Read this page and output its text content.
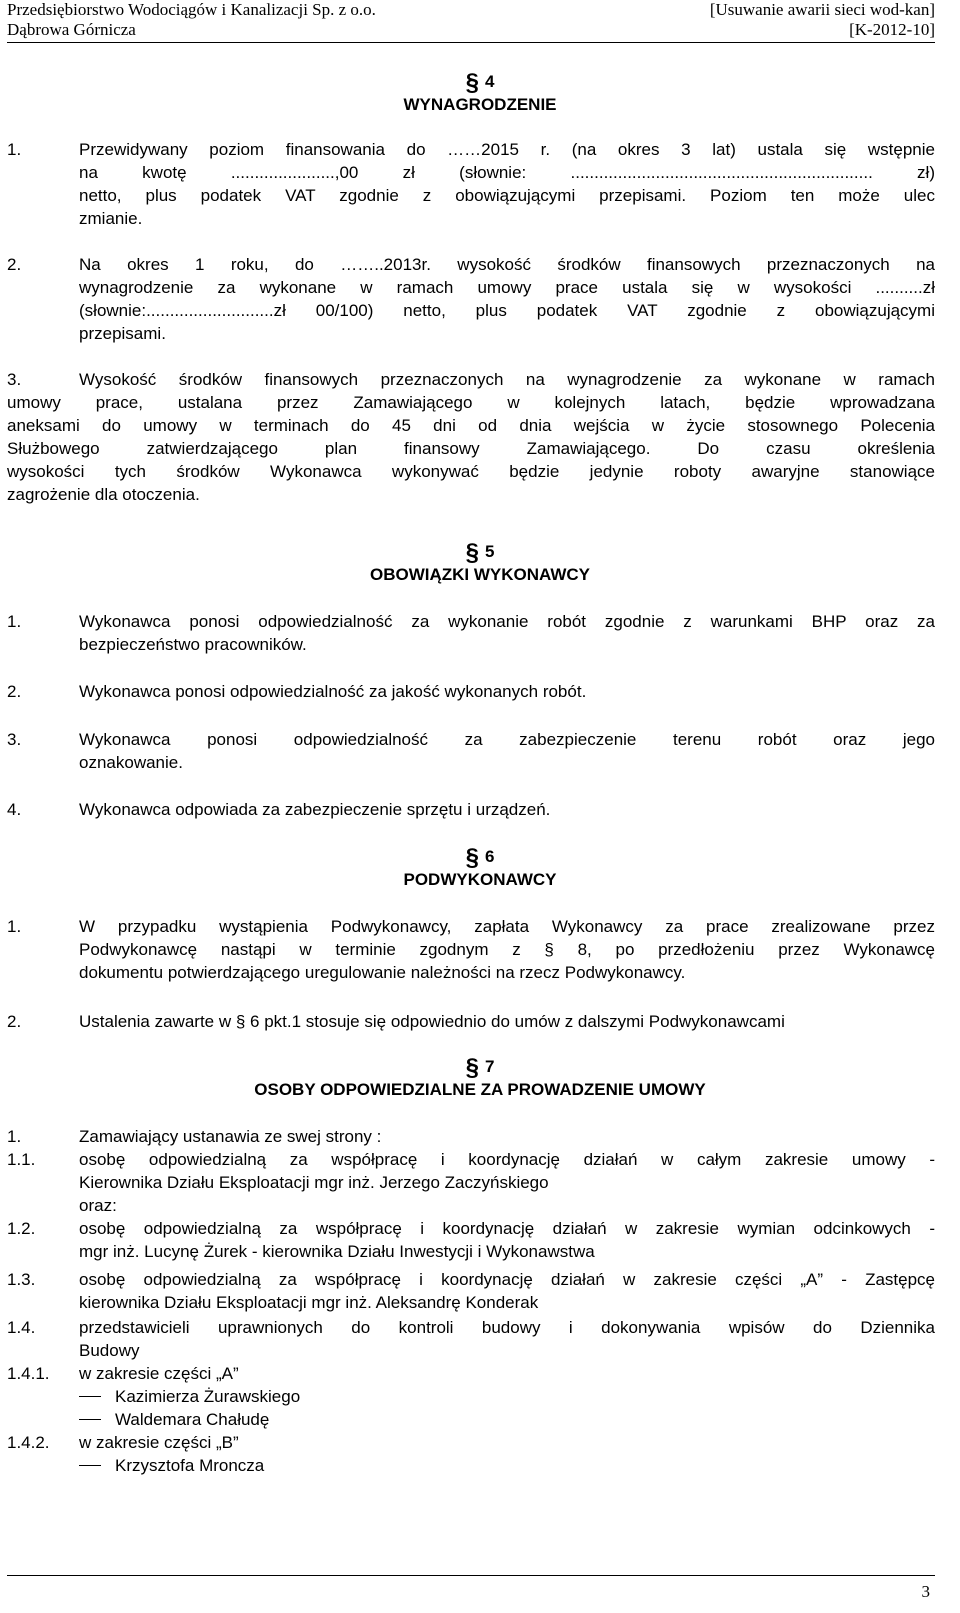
Przedsiębiorstwo Wodociągów i Kanalizacji Sp. z o.o.
Dąbrowa Górnicza
[Usuwanie awarii sieci wod-kan]
[K-2012-10]
§ 4
WYNAGRODZENIE
1.	Przewidywany poziom finansowania do ……2015 r. (na okres 3 lat) ustala się wstępnie
na kwotę ......................,00 zł (słownie: ................................................................ zł)
netto, plus podatek VAT zgodnie z obowiązującymi przepisami. Poziom ten może ulec
zmianie.
2.	Na okres 1 roku, do ……..2013r. wysokość środków finansowych przeznaczonych na
wynagrodzenie za wykonane w ramach umowy prace ustala się w wysokości ..........zł
(słownie:...........................zł 00/100) netto, plus podatek VAT zgodnie z obowiązującymi
przepisami.
3.	Wysokość środków finansowych przeznaczonych na wynagrodzenie za wykonane w ramach
umowy prace, ustalana przez Zamawiającego w kolejnych latach, będzie wprowadzana
aneksami do umowy w terminach do 45 dni od dnia wejścia w życie stosownego Polecenia
Służbowego zatwierdzającego plan finansowy Zamawiającego. Do czasu określenia
wysokości tych środków Wykonawca wykonywać będzie jedynie roboty awaryjne stanowiące
zagrożenie dla otoczenia.
§ 5
OBOWIĄZKI WYKONAWCY
1.	Wykonawca ponosi odpowiedzialność za wykonanie robót zgodnie z warunkami BHP oraz za
bezpieczeństwo pracowników.
2.	Wykonawca ponosi odpowiedzialność za jakość wykonanych robót.
3.	Wykonawca ponosi odpowiedzialność za zabezpieczenie terenu robót oraz jego
oznakowanie.
4.	Wykonawca odpowiada za zabezpieczenie sprzętu i urządzeń.
§ 6
PODWYKONAWCY
1.	W przypadku wystąpienia Podwykonawcy, zapłata Wykonawcy za prace zrealizowane przez
Podwykonawcę nastąpi w terminie zgodnym z § 8, po przedłożeniu przez Wykonawcę
dokumentu potwierdzającego uregulowanie należności na rzecz Podwykonawcy.
2.	Ustalenia zawarte w § 6 pkt.1 stosuje się odpowiednio do umów z dalszymi Podwykonawcami
§ 7
OSOBY ODPOWIEDZIALNE ZA PROWADZENIE UMOWY
1.	Zamawiający ustanawia ze swej strony :
1.1.	osobę odpowiedzialną za współpracę i koordynację działań w całym zakresie umowy -
Kierownika Działu Eksploatacji mgr inż. Jerzego Zaczyńskiego
oraz:
1.2.	osobę odpowiedzialną za współpracę i koordynację działań w zakresie wymian odcinkowych -
mgr inż. Lucynę Żurek - kierownika Działu Inwestycji i Wykonawstwa
1.3.	osobę odpowiedzialną za współpracę i koordynację działań w zakresie części „A” - Zastępcę
kierownika Działu Eksploatacji mgr inż. Aleksandrę Konderak
1.4.	przedstawicieli uprawnionych do kontroli budowy i dokonywania wpisów do Dziennika
Budowy
1.4.1. w zakresie części „A”
Kazimierza Żurawskiego
Waldemara Chałudę
1.4.2. w zakresie części „B”
Krzysztofa Mroncza
3
